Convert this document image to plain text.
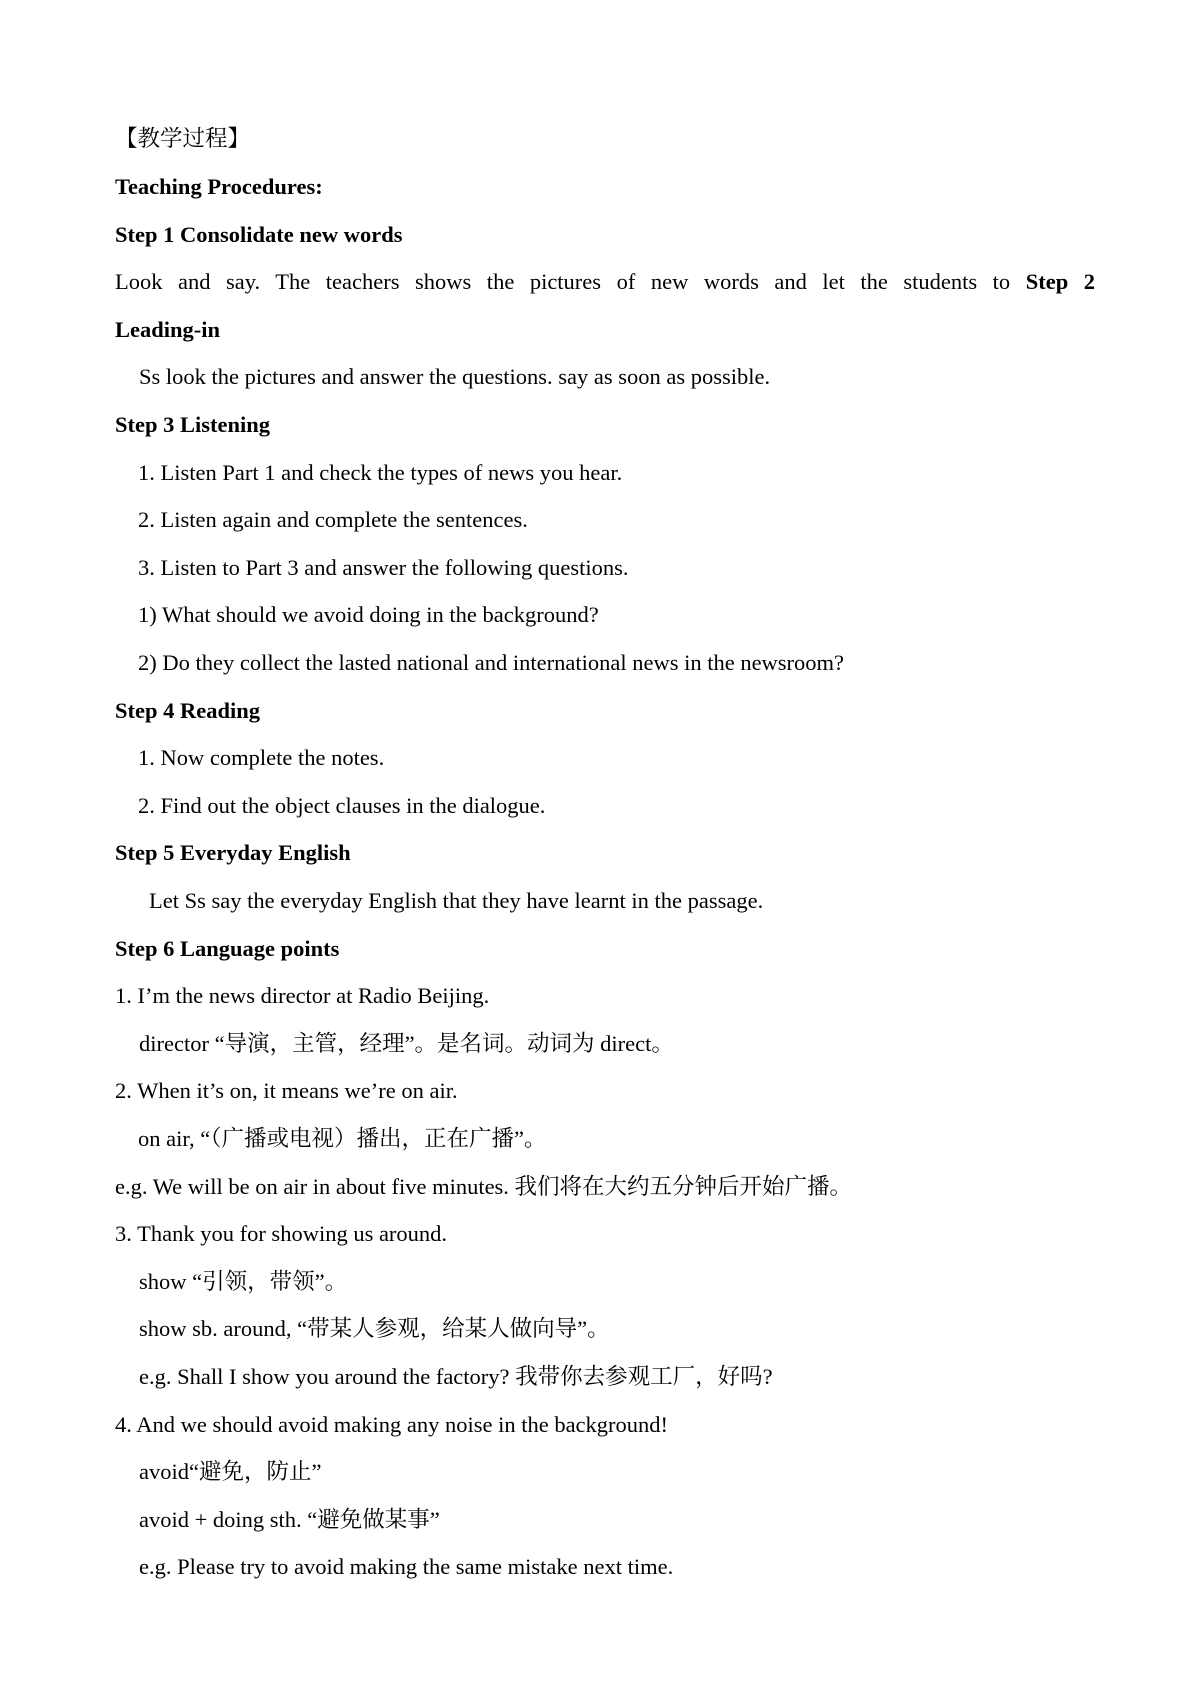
【教学过程】
Teaching Procedures:
Step 1 Consolidate new words
Look and say. The teachers shows the pictures of new words and let the students to Step 2
Leading-in
Ss look the pictures and answer the questions. say as soon as possible.
Step 3 Listening
1. Listen Part 1 and check the types of news you hear.
2. Listen again and complete the sentences.
3. Listen to Part 3 and answer the following questions.
1) What should we avoid doing in the background?
2) Do they collect the lasted national and international news in the newsroom?
Step 4 Reading
1. Now complete the notes.
2. Find out the object clauses in the dialogue.
Step 5 Everyday English
Let Ss say the everyday English that they have learnt in the passage.
Step 6 Language points
1. I’m the news director at Radio Beijing.
director “导演，主管，经理”。是名词。动词为 direct。
2. When it’s on, it means we’re on air.
on air, “（广播或电视）播出，正在广播”。
e.g. We will be on air in about five minutes. 我们将在大约五分钟后开始广播。
3. Thank you for showing us around.
show “引领，带领”。
show sb. around, “带某人参观，给某人做向导”。
e.g. Shall I show you around the factory? 我带你去参观工厂，好吗?
4. And we should avoid making any noise in the background!
avoid“避免，防止”
avoid + doing sth. “避免做某事”
e.g. Please try to avoid making the same mistake next time.
